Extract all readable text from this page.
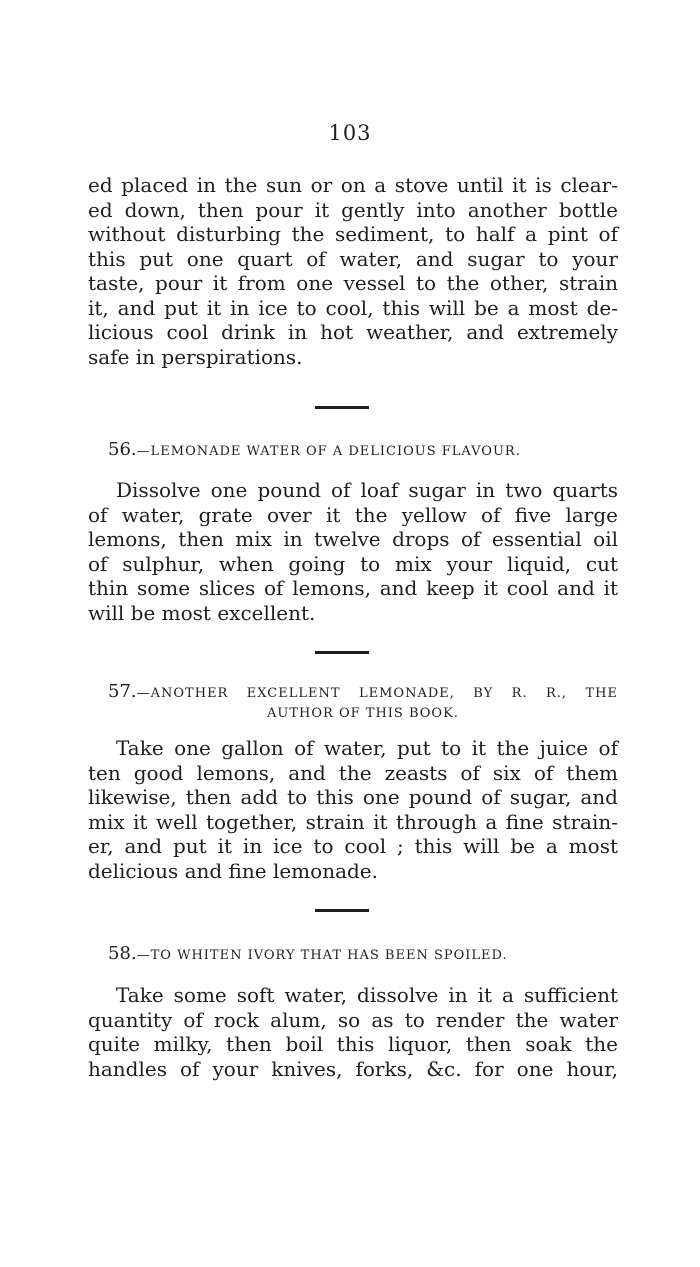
103
ed placed in the sun or on a stove until it is clear-
ed down, then pour it gently into another bottle
without disturbing the sediment, to half a pint of
this put one quart of water, and sugar to your
taste, pour it from one vessel to the other, strain
it, and put it in ice to cool, this will be a most de-
licious cool drink in hot weather, and extremely
safe in perspirations.
56.—LEMONADE WATER OF A DELICIOUS FLAVOUR.
Dissolve one pound of loaf sugar in two quarts
of water, grate over it the yellow of five large
lemons, then mix in twelve drops of essential oil
of sulphur, when going to mix your liquid, cut
thin some slices of lemons, and keep it cool and it
will be most excellent.
57.—ANOTHER EXCELLENT LEMONADE, BY R. R., THE
AUTHOR OF THIS BOOK.
Take one gallon of water, put to it the juice of
ten good lemons, and the zeasts of six of them
likewise, then add to this one pound of sugar, and
mix it well together, strain it through a fine strain-
er, and put it in ice to cool ; this will be a most
delicious and fine lemonade.
58.—TO WHITEN IVORY THAT HAS BEEN SPOILED.
Take some soft water, dissolve in it a sufficient
quantity of rock alum, so as to render the water
quite milky, then boil this liquor, then soak the
handles of your knives, forks, &c. for one hour,
